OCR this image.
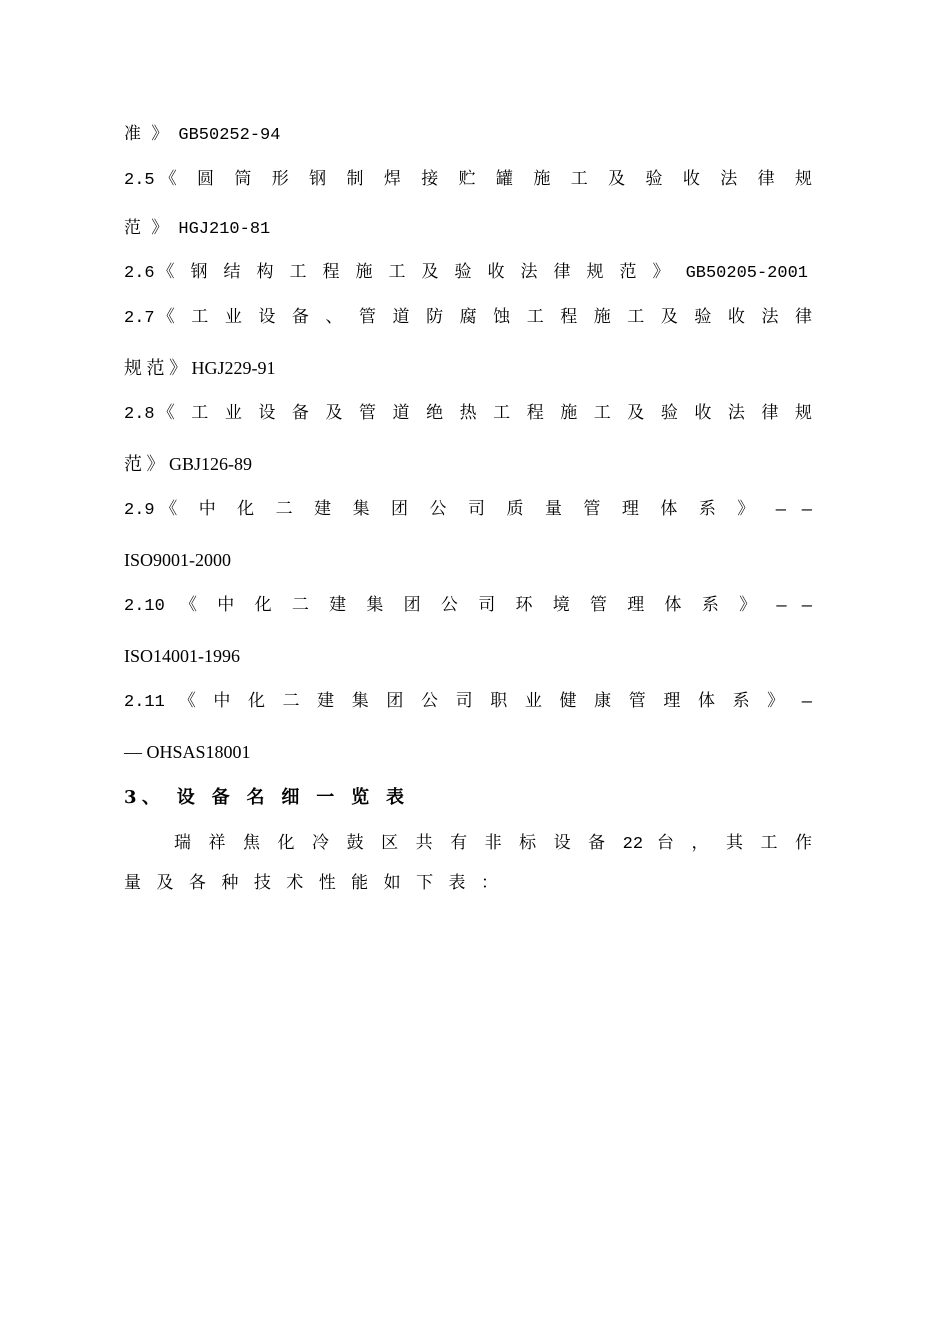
准 》 GB50252-94
2.5《 圆 筒 形 钢 制 焊 接 贮 罐 施 工 及 验 收 法 律 规
范 》 HGJ210-81
2.6《 钢 结 构 工 程 施 工 及 验 收 法 律 规 范 》 GB50205-2001
2.7《 工 业 设 备 、 管 道 防 腐 蚀 工 程 施 工 及 验 收 法 律
规 范 》 HGJ229-91
2.8《 工 业 设 备 及 管 道 绝 热 工 程 施 工 及 验 收 法 律 规
范 》 GBJ126-89
2.9《 中 化 二 建 集 团 公 司 质 量 管 理 体 系 》 — —
ISO9001-2000
2.10 《 中 化 二 建 集 团 公 司 环 境 管 理 体 系 》 — —
ISO14001-1996
2.11 《 中 化 二 建 集 团 公 司 职 业 健 康 管 理 体 系 》 —
— OHSAS18001
3、 设 备 名 细 一 览 表
瑞 祥 焦 化 冷 鼓 区 共 有 非 标 设 备 22 台 ， 其 工 作
量 及 各 种 技 术 性 能 如 下 表 ：
